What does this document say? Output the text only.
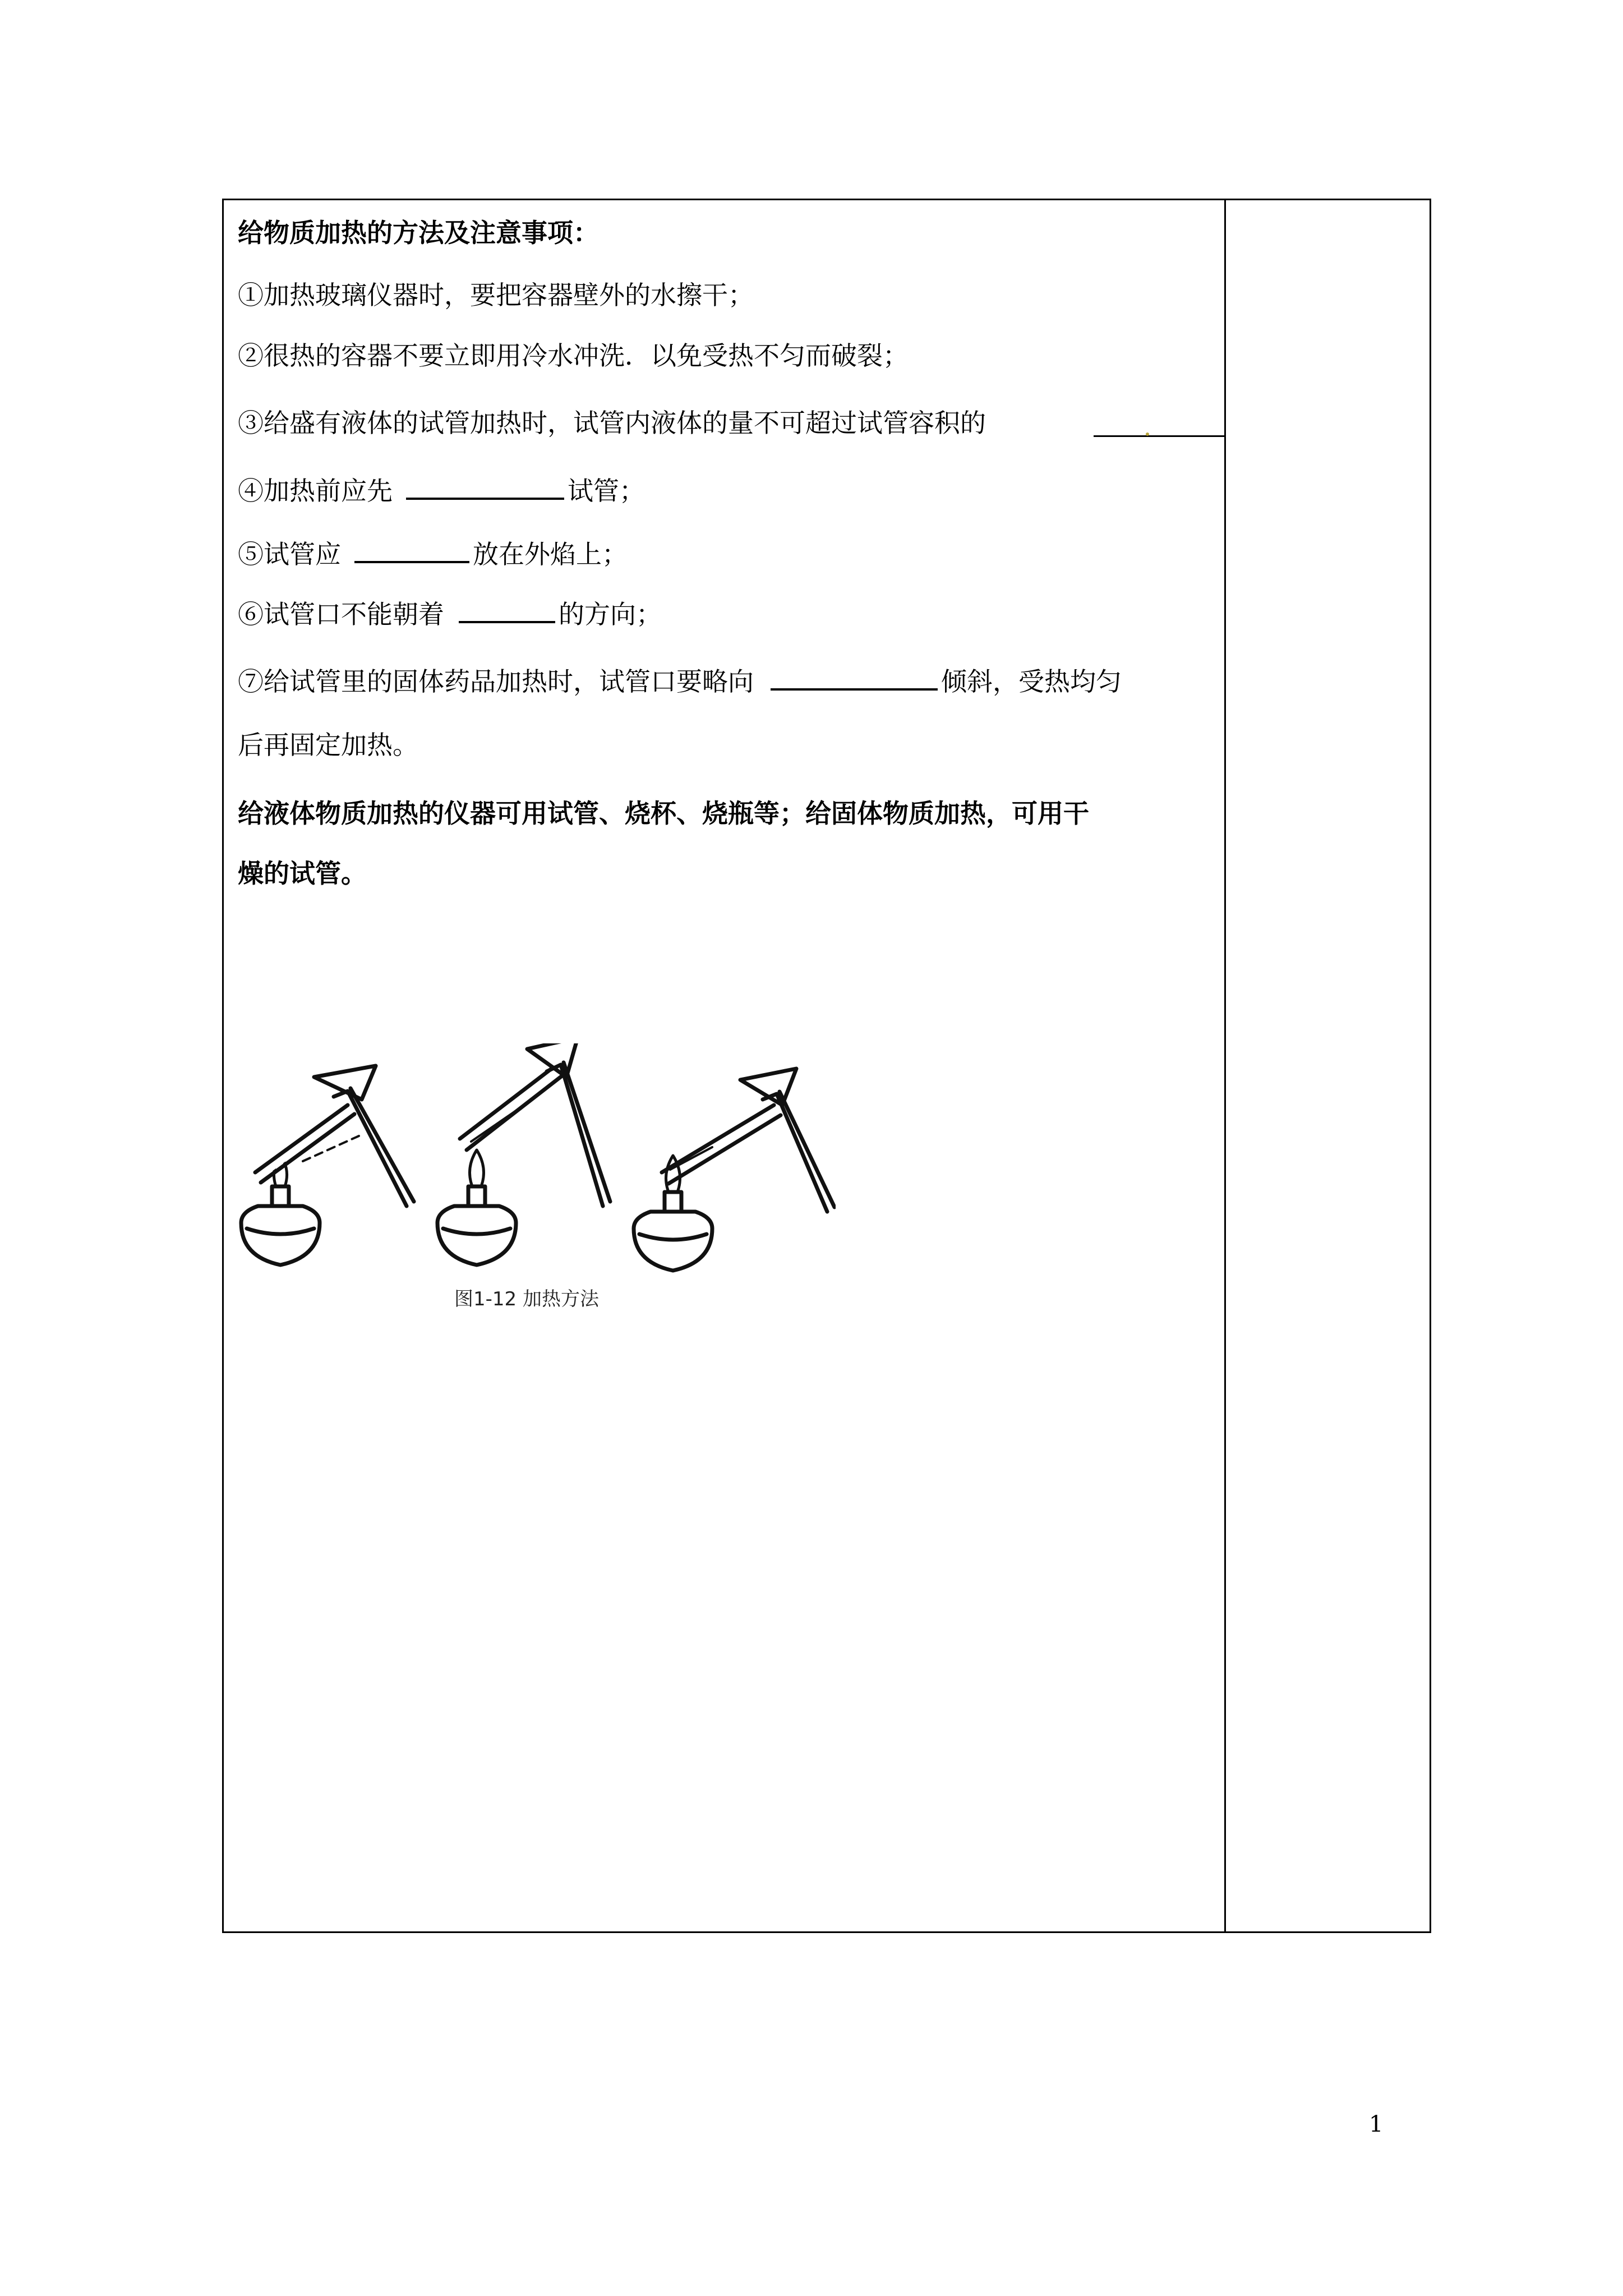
给物质加热的方法及注意事项：
①加热玻璃仪器时，要把容器壁外的水擦干；
②很热的容器不要立即用冷水冲洗．以免受热不匀而破裂；
③给盛有液体的试管加热时，试管内液体的量不可超过试管容积的
④加热前应先	试管；
⑤试管应	放在外焰上；
⑥试管口不能朝着	的方向；
⑦给试管里的固体药品加热时，试管口要略向	倾斜，受热均匀
后再固定加热。
给液体物质加热的仪器可用试管、烧杯、烧瓶等；给固体物质加热，可用干
燥的试管。
图1-12 加热方法
1
